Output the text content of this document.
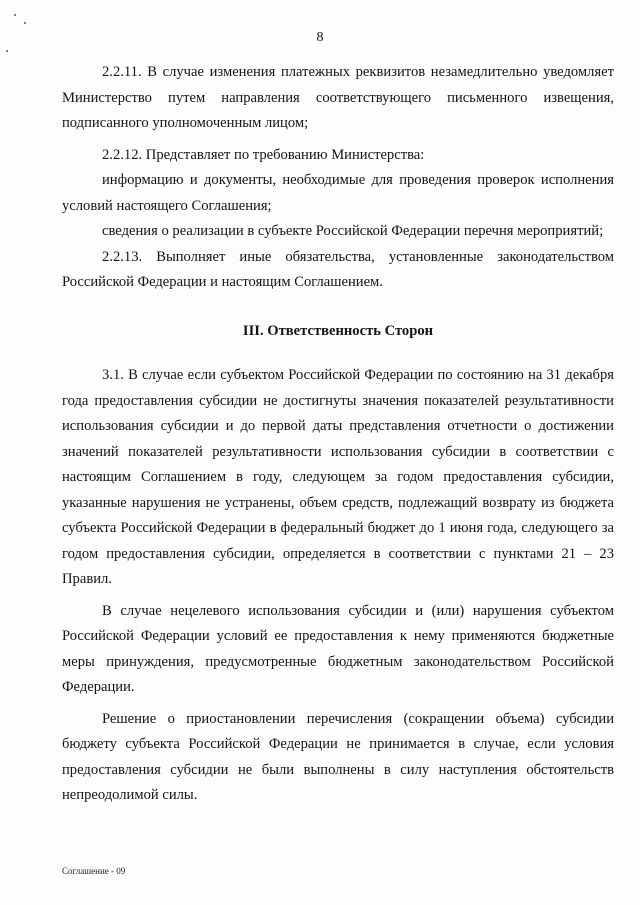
8

2.2.11. В случае изменения платежных реквизитов незамедлительно уведомляет Министерство путем направления соответствующего письменного извещения, подписанного уполномоченным лицом;

2.2.12. Представляет по требованию Министерства:

информацию и документы, необходимые для проведения проверок исполнения условий настоящего Соглашения;

сведения о реализации в субъекте Российской Федерации перечня мероприятий;

2.2.13. Выполняет иные обязательства, установленные законодательством Российской Федерации и настоящим Соглашением.

III. Ответственность Сторон

3.1. В случае если субъектом Российской Федерации по состоянию на 31 декабря года предоставления субсидии не достигнуты значения показателей результативности использования субсидии и до первой даты представления отчетности о достижении значений показателей результативности использования субсидии в соответствии с настоящим Соглашением в году, следующем за годом предоставления субсидии, указанные нарушения не устранены, объем средств, подлежащий возврату из бюджета субъекта Российской Федерации в федеральный бюджет до 1 июня года, следующего за годом предоставления субсидии, определяется в соответствии с пунктами 21 – 23 Правил.

В случае нецелевого использования субсидии и (или) нарушения субъектом Российской Федерации условий ее предоставления к нему применяются бюджетные меры принуждения, предусмотренные бюджетным законодательством Российской Федерации.

Решение о приостановлении перечисления (сокращении объема) субсидии бюджету субъекта Российской Федерации не принимается в случае, если условия предоставления субсидии не были выполнены в силу наступления обстоятельств непреодолимой силы.

Соглашение - 09
